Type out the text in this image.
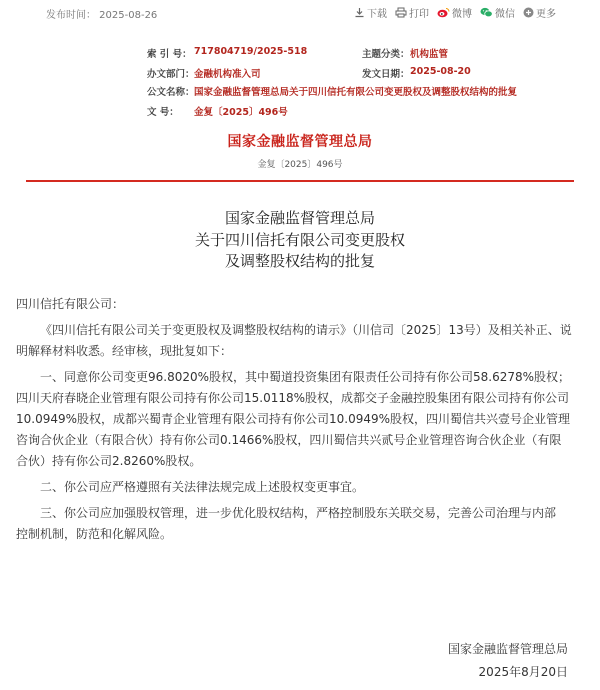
发布时间： 2025-08-26	下载 打印 微博 微信 更多
索 引 号： 717804719/2025-518	主题分类： 机构监管
办文部门： 金融机构准入司	发文日期： 2025-08-20
公文名称： 国家金融监督管理总局关于四川信托有限公司变更股权及调整股权结构的批复
文 号： 金复〔2025〕496号
国家金融监督管理总局
金复〔2025〕496号
国家金融监督管理总局
关于四川信托有限公司变更股权
及调整股权结构的批复
四川信托有限公司：
《四川信托有限公司关于变更股权及调整股权结构的请示》（川信司〔2025〕13号）及相关补正、说
明解释材料收悉。经审核，现批复如下：
一、同意你公司变更96.8020%股权，其中蜀道投资集团有限责任公司持有你公司58.6278%股权；
四川天府春晓企业管理有限公司持有你公司15.0118%股权，成都交子金融控股集团有限公司持有你公司
10.0949%股权，成都兴蜀青企业管理有限公司持有你公司10.0949%股权，四川蜀信共兴壹号企业管理
咨询合伙企业（有限合伙）持有你公司0.1466%股权，四川蜀信共兴贰号企业管理咨询合伙企业（有限
合伙）持有你公司2.8260%股权。
二、你公司应严格遵照有关法律法规完成上述股权变更事宜。
三、你公司应加强股权管理，进一步优化股权结构，严格控制股东关联交易，完善公司治理与内部
控制机制，防范和化解风险。
国家金融监督管理总局
2025年8月20日
